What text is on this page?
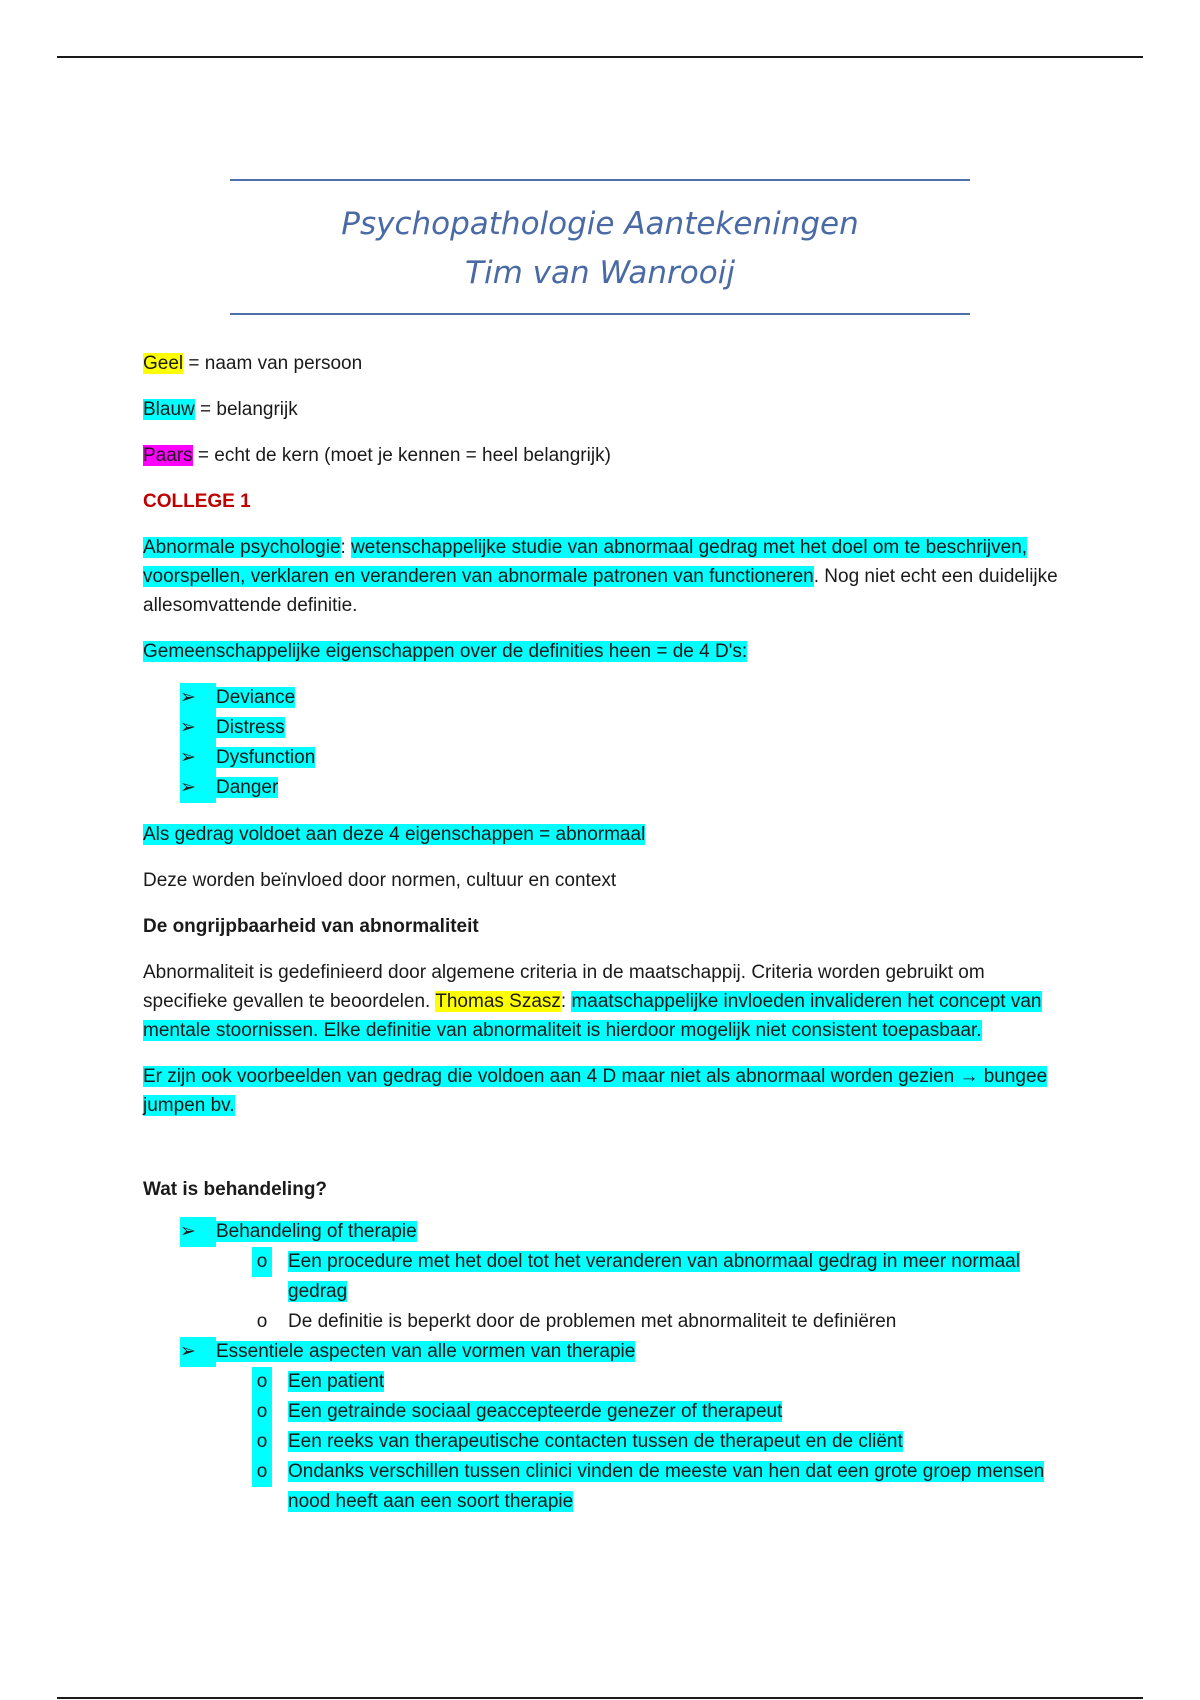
Psychopathologie Aantekeningen
Tim van Wanrooij

Geel = naam van persoon

Blauw = belangrijk

Paars = echt de kern (moet je kennen = heel belangrijk)

COLLEGE 1

Abnormale psychologie: wetenschappelijke studie van abnormaal gedrag met het doel om te beschrijven, voorspellen, verklaren en veranderen van abnormale patronen van functioneren. Nog niet echt een duidelijke allesomvattende definitie.

Gemeenschappelijke eigenschappen over de definities heen = de 4 D's:

➢	Deviance
➢	Distress
➢	Dysfunction
➢	Danger

Als gedrag voldoet aan deze 4 eigenschappen = abnormaal

Deze worden beïnvloed door normen, cultuur en context

De ongrijpbaarheid van abnormaliteit

Abnormaliteit is gedefinieerd door algemene criteria in de maatschappij. Criteria worden gebruikt om specifieke gevallen te beoordelen. Thomas Szasz: maatschappelijke invloeden invalideren het concept van mentale stoornissen. Elke definitie van abnormaliteit is hierdoor mogelijk niet consistent toepasbaar.

Er zijn ook voorbeelden van gedrag die voldoen aan 4 D maar niet als abnormaal worden gezien → bungee jumpen bv.

Wat is behandeling?

➢	Behandeling of therapie
o Een procedure met het doel tot het veranderen van abnormaal gedrag in meer normaal gedrag
o De definitie is beperkt door de problemen met abnormaliteit te definiëren
➢	Essentiele aspecten van alle vormen van therapie
o Een patient
o Een getrainde sociaal geaccepteerde genezer of therapeut
o Een reeks van therapeutische contacten tussen de therapeut en de cliënt
o Ondanks verschillen tussen clinici vinden de meeste van hen dat een grote groep mensen nood heeft aan een soort therapie
